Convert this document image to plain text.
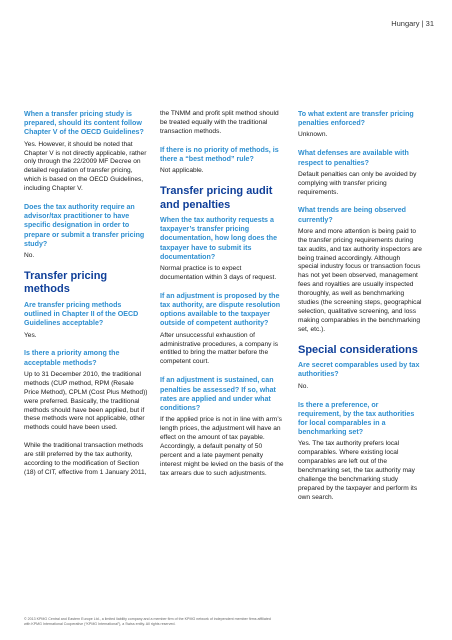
Hungary | 31
When a transfer pricing study is prepared, should its content follow Chapter V of the OECD Guidelines?
Yes. However, it should be noted that Chapter V is not directly applicable, rather only through the 22/2009 MF Decree on detailed regulation of transfer pricing, which is based on the OECD Guidelines, including Chapter V.
Does the tax authority require an advisor/tax practitioner to have specific designation in order to prepare or submit a transfer pricing study?
No.
Transfer pricing methods
Are transfer pricing methods outlined in Chapter II of the OECD Guidelines acceptable?
Yes.
Is there a priority among the acceptable methods?
Up to 31 December 2010, the traditional methods (CUP method, RPM (Resale Price Method), CPLM (Cost Plus Method)) were preferred. Basically, the traditional methods should have been applied, but if these methods were not applicable, other methods could have been used.
While the traditional transaction methods are still preferred by the tax authority, according to the modification of Section (18) of CIT, effective from 1 January 2011,
the TNMM and profit split method should be treated equally with the traditional transaction methods.
If there is no priority of methods, is there a “best method” rule?
Not applicable.
Transfer pricing audit and penalties
When the tax authority requests a taxpayer’s transfer pricing documentation, how long does the taxpayer have to submit its documentation?
Normal practice is to expect documentation within 3 days of request.
If an adjustment is proposed by the tax authority, are dispute resolution options available to the taxpayer outside of competent authority?
After unsuccessful exhaustion of administrative procedures, a company is entitled to bring the matter before the competent court.
If an adjustment is sustained, can penalties be assessed? If so, what rates are applied and under what conditions?
If the applied price is not in line with arm’s length prices, the adjustment will have an effect on the amount of tax payable. Accordingly, a default penalty of 50 percent and a late payment penalty interest might be levied on the basis of the tax arrears due to such adjustments.
To what extent are transfer pricing penalties enforced?
Unknown.
What defenses are available with respect to penalties?
Default penalties can only be avoided by complying with transfer pricing requirements.
What trends are being observed currently?
More and more attention is being paid to the transfer pricing requirements during tax audits, and tax authority inspectors are being trained accordingly. Although special industry focus or transaction focus has not yet been observed, management fees and royalties are usually inspected thoroughly, as well as benchmarking studies (the screening steps, geographical selection, qualitative screening, and loss making comparables in the benchmarking set, etc.).
Special considerations
Are secret comparables used by tax authorities?
No.
Is there a preference, or requirement, by the tax authorities for local comparables in a benchmarking set?
Yes. The tax authority prefers local comparables. Where existing local comparables are left out of the benchmarking set, the tax authority may challenge the benchmarking study prepared by the taxpayer and perform its own search.
© 2013 KPMG Central and Eastern Europe Ltd., a limited liability company and a member firm of the KPMG network of independent member firms affiliated
with KPMG International Cooperative (“KPMG International”), a Swiss entity. All rights reserved.
